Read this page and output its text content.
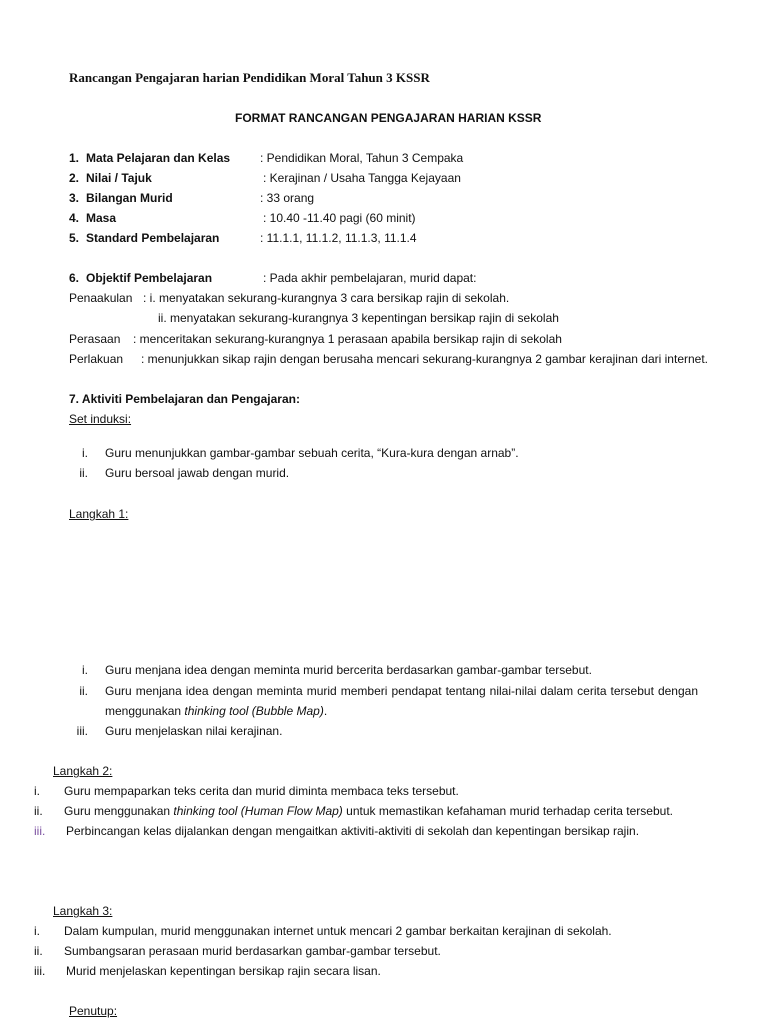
Rancangan Pengajaran harian Pendidikan Moral Tahun 3 KSSR
FORMAT RANCANGAN PENGAJARAN HARIAN KSSR
1. Mata Pelajaran dan Kelas : Pendidikan Moral, Tahun 3 Cempaka
2. Nilai / Tajuk	: Kerajinan / Usaha Tangga Kejayaan
3. Bilangan Murid	: 33 orang
4. Masa	: 10.40 -11.40 pagi (60 minit)
5. Standard Pembelajaran	: 11.1.1, 11.1.2, 11.1.3, 11.1.4
6. Objektif Pembelajaran	: Pada akhir pembelajaran, murid dapat:
Penaakulan : i. menyatakan sekurang-kurangnya 3 cara bersikap rajin di sekolah.
ii. menyatakan sekurang-kurangnya 3 kepentingan bersikap rajin di sekolah
Perasaan : menceritakan sekurang-kurangnya 1 perasaan apabila bersikap rajin di sekolah
Perlakuan : menunjukkan sikap rajin dengan berusaha mencari sekurang-kurangnya 2 gambar kerajinan dari internet.
7. Aktiviti Pembelajaran dan Pengajaran:
Set induksi:
i. Guru menunjukkan gambar-gambar sebuah cerita, “Kura-kura dengan arnab”.
ii. Guru bersoal jawab dengan murid.
Langkah 1:
i. Guru menjana idea dengan meminta murid bercerita berdasarkan gambar-gambar tersebut.
ii. Guru menjana idea dengan meminta murid memberi pendapat tentang nilai-nilai dalam cerita tersebut dengan
menggunakan thinking tool (Bubble Map).
iii. Guru menjelaskan nilai kerajinan.
Langkah 2:
i. Guru mempaparkan teks cerita dan murid diminta membaca teks tersebut.
ii. Guru menggunakan thinking tool (Human Flow Map) untuk memastikan kefahaman murid terhadap cerita tersebut.
iii. Perbincangan kelas dijalankan dengan mengaitkan aktiviti-aktiviti di sekolah dan kepentingan bersikap rajin.
Langkah 3:
i. Dalam kumpulan, murid menggunakan internet untuk mencari 2 gambar berkaitan kerajinan di sekolah.
ii. Sumbangsaran perasaan murid berdasarkan gambar-gambar tersebut.
iii. Murid menjelaskan kepentingan bersikap rajin secara lisan.
Penutup:
